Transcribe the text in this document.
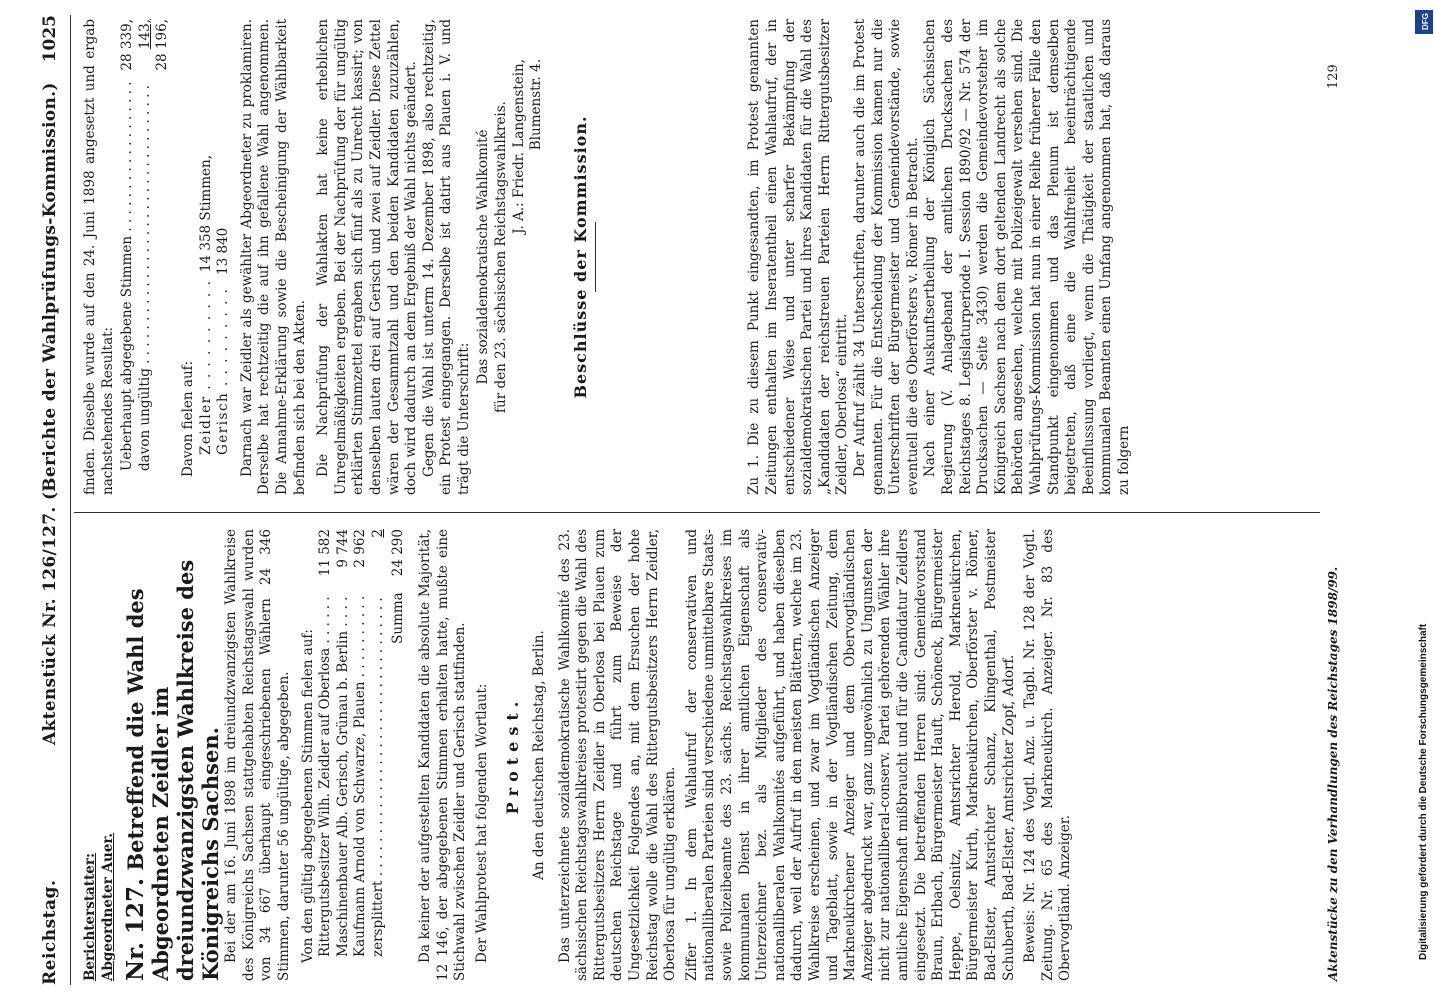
Reichstag.
Aktenstück Nr. 126/127. (Berichte der Wahlprüfungs-Kommission.)
1025

Berichterstatter: Abgeordneter Auer. Nr. 127. Betreffend die Wahl des Abgeordneten Zeidler im dreiundzwanzigsten Wahlkreise des Königreichs Sachsen. Bei der am 16. Juni 1898 im dreiundzwanzigsten Wahlkreise des Königreichs Sachsen stattgehabten Reichstagswahl wurden von 34 667 überhaupt eingeschriebenen Wählern 24 346 Stimmen, darunter 56 ungültige, abgegeben. Von den gültig abgegebenen Stimmen fielen auf: Rittergutsbesitzer Wilh. Zeidler auf Oberlosa . . .
11 582
Maschinenbauer Alb. Gerisch, Grünau b. Berlin . . .
9 744
Kaufmann Arnold von Schwarze, Plauen . . .
2 962
zersplittert . . .
2
Summa
24 290 Da keiner der aufgestellten Kandidaten die absolute Majorität, 12 146, der abgegebenen Stimmen erhalten hatte, mußte eine Stichwahl zwischen Zeidler und Gerisch stattfinden. Der Wahlprotest hat folgenden Wortlaut: Protest. An den deutschen Reichstag, Berlin. Das unterzeichnete sozialdemokratische Wahlkomité des 23. sächsischen Reichstagswahlkreises protestirt gegen die Wahl des Rittergutsbesitzers Herrn Zeidler in Oberlosa bei Plauen zum deutschen Reichstage und führt zum Beweise der Ungesetzlichkeit Folgendes an, mit dem Ersuchen der hohe Reichstag wolle die Wahl des Rittergutsbesitzers Herrn Zeidler, Oberlosa für ungültig erklären. Ziffer 1. In dem Wahlaufruf der conservativen und nationalliberalen Parteien sind verschiedene unmittelbare Staats- sowie Polizeibeamte des 23. sächs. Reichstagswahlkreises im kommunalen Dienst in ihrer amtlichen Eigenschaft als Unterzeichner bez. als Mitglieder des conservativ-nationalliberalen Wahlkomités aufgeführt, und haben dieselben dadurch, weil der Aufruf in den meisten Blättern, welche im 23. Wahlkreise erscheinen, und zwar im Vogtländischen Anzeiger und Tageblatt, sowie in der Vogtländischen Zeitung, dem Markneukirchener Anzeiger und dem Obervogtländischen Anzeiger abgedruckt war, ganz ungewöhnlich zu Ungunsten der nicht zur nationalliberal-conserv. Partei gehörenden Wähler ihre amtliche Eigenschaft mißbraucht und für die Candidatur Zeidlers eingesetzt. Die betreffenden Herren sind: Gemeindevorstand Braun, Erlbach, Bürgermeister Hauft, Schöneck, Bürgermeister Heppe, Oelsnitz, Amtsrichter Herold, Markneukirchen, Bürgermeister Kurth, Markneukirchen, Oberförster v. Römer, Bad-Elster, Amtsrichter Schanz, Klingenthal, Postmeister Schuberth, Bad-Elster, Amtsrichter Zopf, Adorf. Beweis: Nr. 124 des Vogtl. Anz. u. Tagbl. Nr. 128 der Vogtl. Zeitung. Nr. 65 des Markneukirch. Anzeiger. Nr. 83 des Obervogtländ. Anzeiger.

finden. Dieselbe wurde auf den 24. Juni 1898 angesetzt und ergab nachstehendes Resultat: Ueberhaupt abgegebene Stimmen . . .
28 339,
davon ungültig . . .
143, 28 196,

Davon fielen auf: Zeidler . . .
14 358 Stimmen,
Gerisch . . .
13 840 Darnach war Zeidler als gewählter Abgeordneter zu proklamiren. Derselbe hat rechtzeitig die auf ihn gefallene Wahl angenommen. Die Annahme-Erklärung sowie die Bescheinigung der Wählbarkeit befinden sich bei den Akten. Die Nachprüfung der Wahlakten hat keine erheblichen Unregelmäßigkeiten ergeben. Bei der Nachprüfung der für ungültig erklärten Stimmzettel ergaben sich fünf als zu Unrecht kassirt; von denselben lauten drei auf Gerisch und zwei auf Zeidler. Diese Zettel wären der Gesammtzahl und den beiden Kandidaten zuzuzählen, doch wird dadurch an dem Ergebniß der Wahl nichts geändert. Gegen die Wahl ist unterm 14. Dezember 1898, also rechtzeitig, ein Protest eingegangen. Derselbe ist datirt aus Plauen i. V. und trägt die Unterschrift:

Das sozialdemokratische Wahlkomité für den 23. sächsischen Reichstagswahlkreis. J. A.: Friedr. Langenstein, Blumenstr. 4.

Beschlüsse der Kommission.	Zu 1. Die zu diesem Punkt eingesandten, im Protest genannten Zeitungen enthalten im Inseratentheil einen Wahlaufruf, der in entschiedener Weise und unter scharfer Bekämpfung der sozialdemokratischen Partei und ihres Kandidaten für die Wahl des „Kandidaten der reichstreuen Parteien Herrn Rittergutsbesitzer Zeidler, Oberlosa“ eintritt. Der Aufruf zählt 34 Unterschriften, darunter auch die im Protest genannten. Für die Entscheidung der Kommission kamen nur die Unterschriften der Bürgermeister und Gemeindevorstände, sowie eventuell die des Oberförsters v. Römer in Betracht. Nach einer Auskunftsertheilung der Königlich Sächsischen Regierung (V. Anlageband der amtlichen Drucksachen des Reichstages 8. Legislaturperiode I. Session 1890/92 — Nr. 574 der Drucksachen — Seite 3430) werden die Gemeindevorsteher im Königreich Sachsen nach dem dort geltenden Landrecht als solche Behörden angesehen, welche mit Polizeigewalt versehen sind. Die Wahlprüfungs-Kommission hat nun in einer Reihe früherer Fälle den Standpunkt eingenommen und das Plenum ist demselben beigetreten, daß eine die Wahlfreiheit beeinträchtigende Beeinflussung vorliegt, wenn die Thätigkeit der staatlichen und kommunalen Beamten einen Umfang angenommen hat, daß daraus zu folgern

Aktenstücke zu den Verhandlungen des Reichstages 1898/99.
129
Digitalisierung gefördert durch die Deutsche Forschungsgemeinschaft
DFG
